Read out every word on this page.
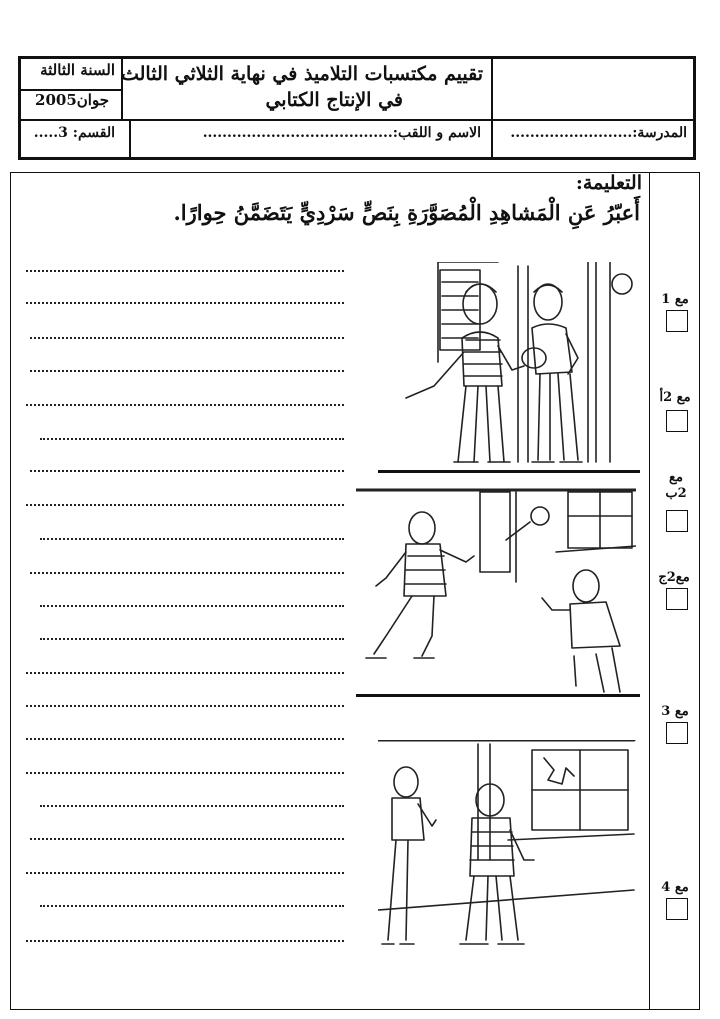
السنة الثالثة
جوان2005
تقييم مكتسبات التلاميذ في نهاية الثلاثي الثالث
في الإنتاج الكتابي
المدرسة:.........................
الاسم و اللقب:.......................................
القسم: 3.....
التعليمة:
أَعبّرُ عَنِ الْمَشاهِدِ الْمُصَوَّرَةِ بِنَصٍّ سَرْدِيٍّ يَتَضَمَّنُ حِوارًا.
مع 1
مع 2أ
مع 2ب
مع2ج
مع 3
مع 4
